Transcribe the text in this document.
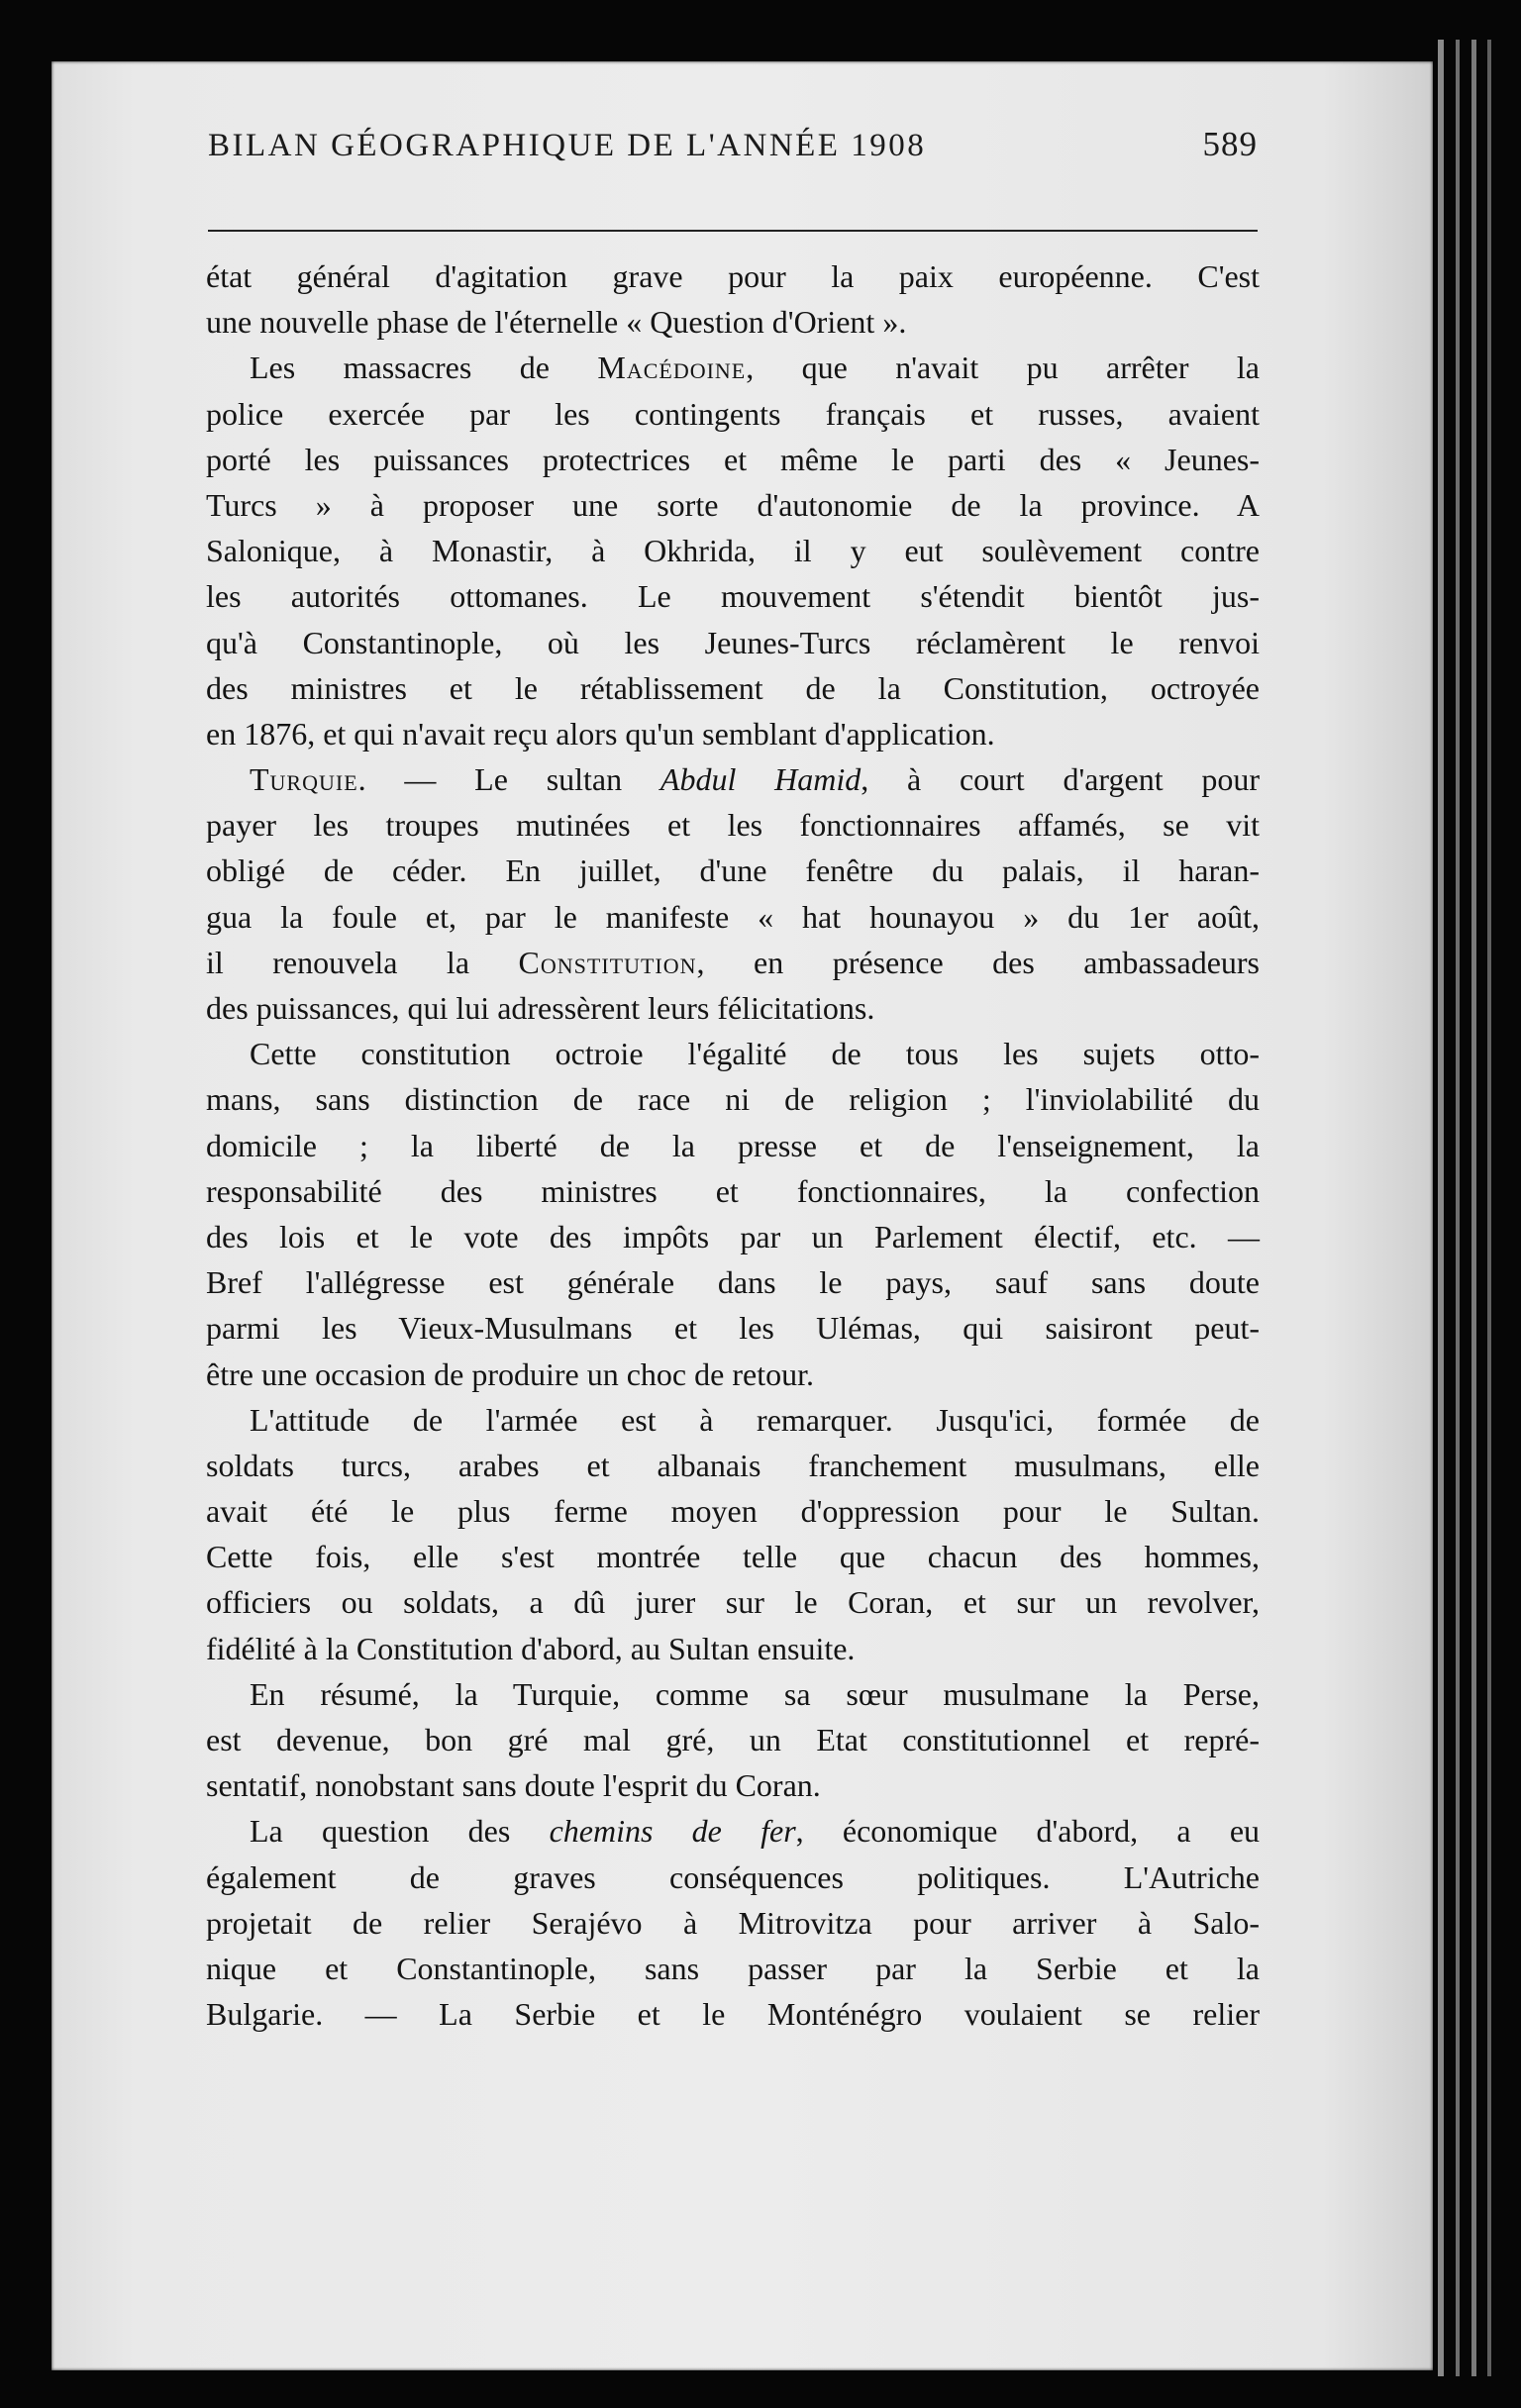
BILAN GÉOGRAPHIQUE DE L'ANNÉE 1908	589
état général d'agitation grave pour la paix européenne. C'est
une nouvelle phase de l'éternelle « Question d'Orient ».
Les massacres de Macédoine, que n'avait pu arrêter la
police exercée par les contingents français et russes, avaient
porté les puissances protectrices et même le parti des « Jeunes-
Turcs » à proposer une sorte d'autonomie de la province. A
Salonique, à Monastir, à Okhrida, il y eut soulèvement contre
les autorités ottomanes. Le mouvement s'étendit bientôt jus-
qu'à Constantinople, où les Jeunes-Turcs réclamèrent le renvoi
des ministres et le rétablissement de la Constitution, octroyée
en 1876, et qui n'avait reçu alors qu'un semblant d'application.
Turquie. — Le sultan Abdul Hamid, à court d'argent pour
payer les troupes mutinées et les fonctionnaires affamés, se vit
obligé de céder. En juillet, d'une fenêtre du palais, il haran-
gua la foule et, par le manifeste « hat hounayou » du 1er août,
il renouvela la Constitution, en présence des ambassadeurs
des puissances, qui lui adressèrent leurs félicitations.
Cette constitution octroie l'égalité de tous les sujets otto-
mans, sans distinction de race ni de religion ; l'inviolabilité du
domicile ; la liberté de la presse et de l'enseignement, la
responsabilité des ministres et fonctionnaires, la confection
des lois et le vote des impôts par un Parlement électif, etc. —
Bref l'allégresse est générale dans le pays, sauf sans doute
parmi les Vieux-Musulmans et les Ulémas, qui saisiront peut-
être une occasion de produire un choc de retour.
L'attitude de l'armée est à remarquer. Jusqu'ici, formée de
soldats turcs, arabes et albanais franchement musulmans, elle
avait été le plus ferme moyen d'oppression pour le Sultan.
Cette fois, elle s'est montrée telle que chacun des hommes,
officiers ou soldats, a dû jurer sur le Coran, et sur un revolver,
fidélité à la Constitution d'abord, au Sultan ensuite.
En résumé, la Turquie, comme sa sœur musulmane la Perse,
est devenue, bon gré mal gré, un Etat constitutionnel et repré-
sentatif, nonobstant sans doute l'esprit du Coran.
La question des chemins de fer, économique d'abord, a eu
également de graves conséquences politiques. L'Autriche
projetait de relier Serajévo à Mitrovitza pour arriver à Salo-
nique et Constantinople, sans passer par la Serbie et la
Bulgarie. — La Serbie et le Monténégro voulaient se relier
